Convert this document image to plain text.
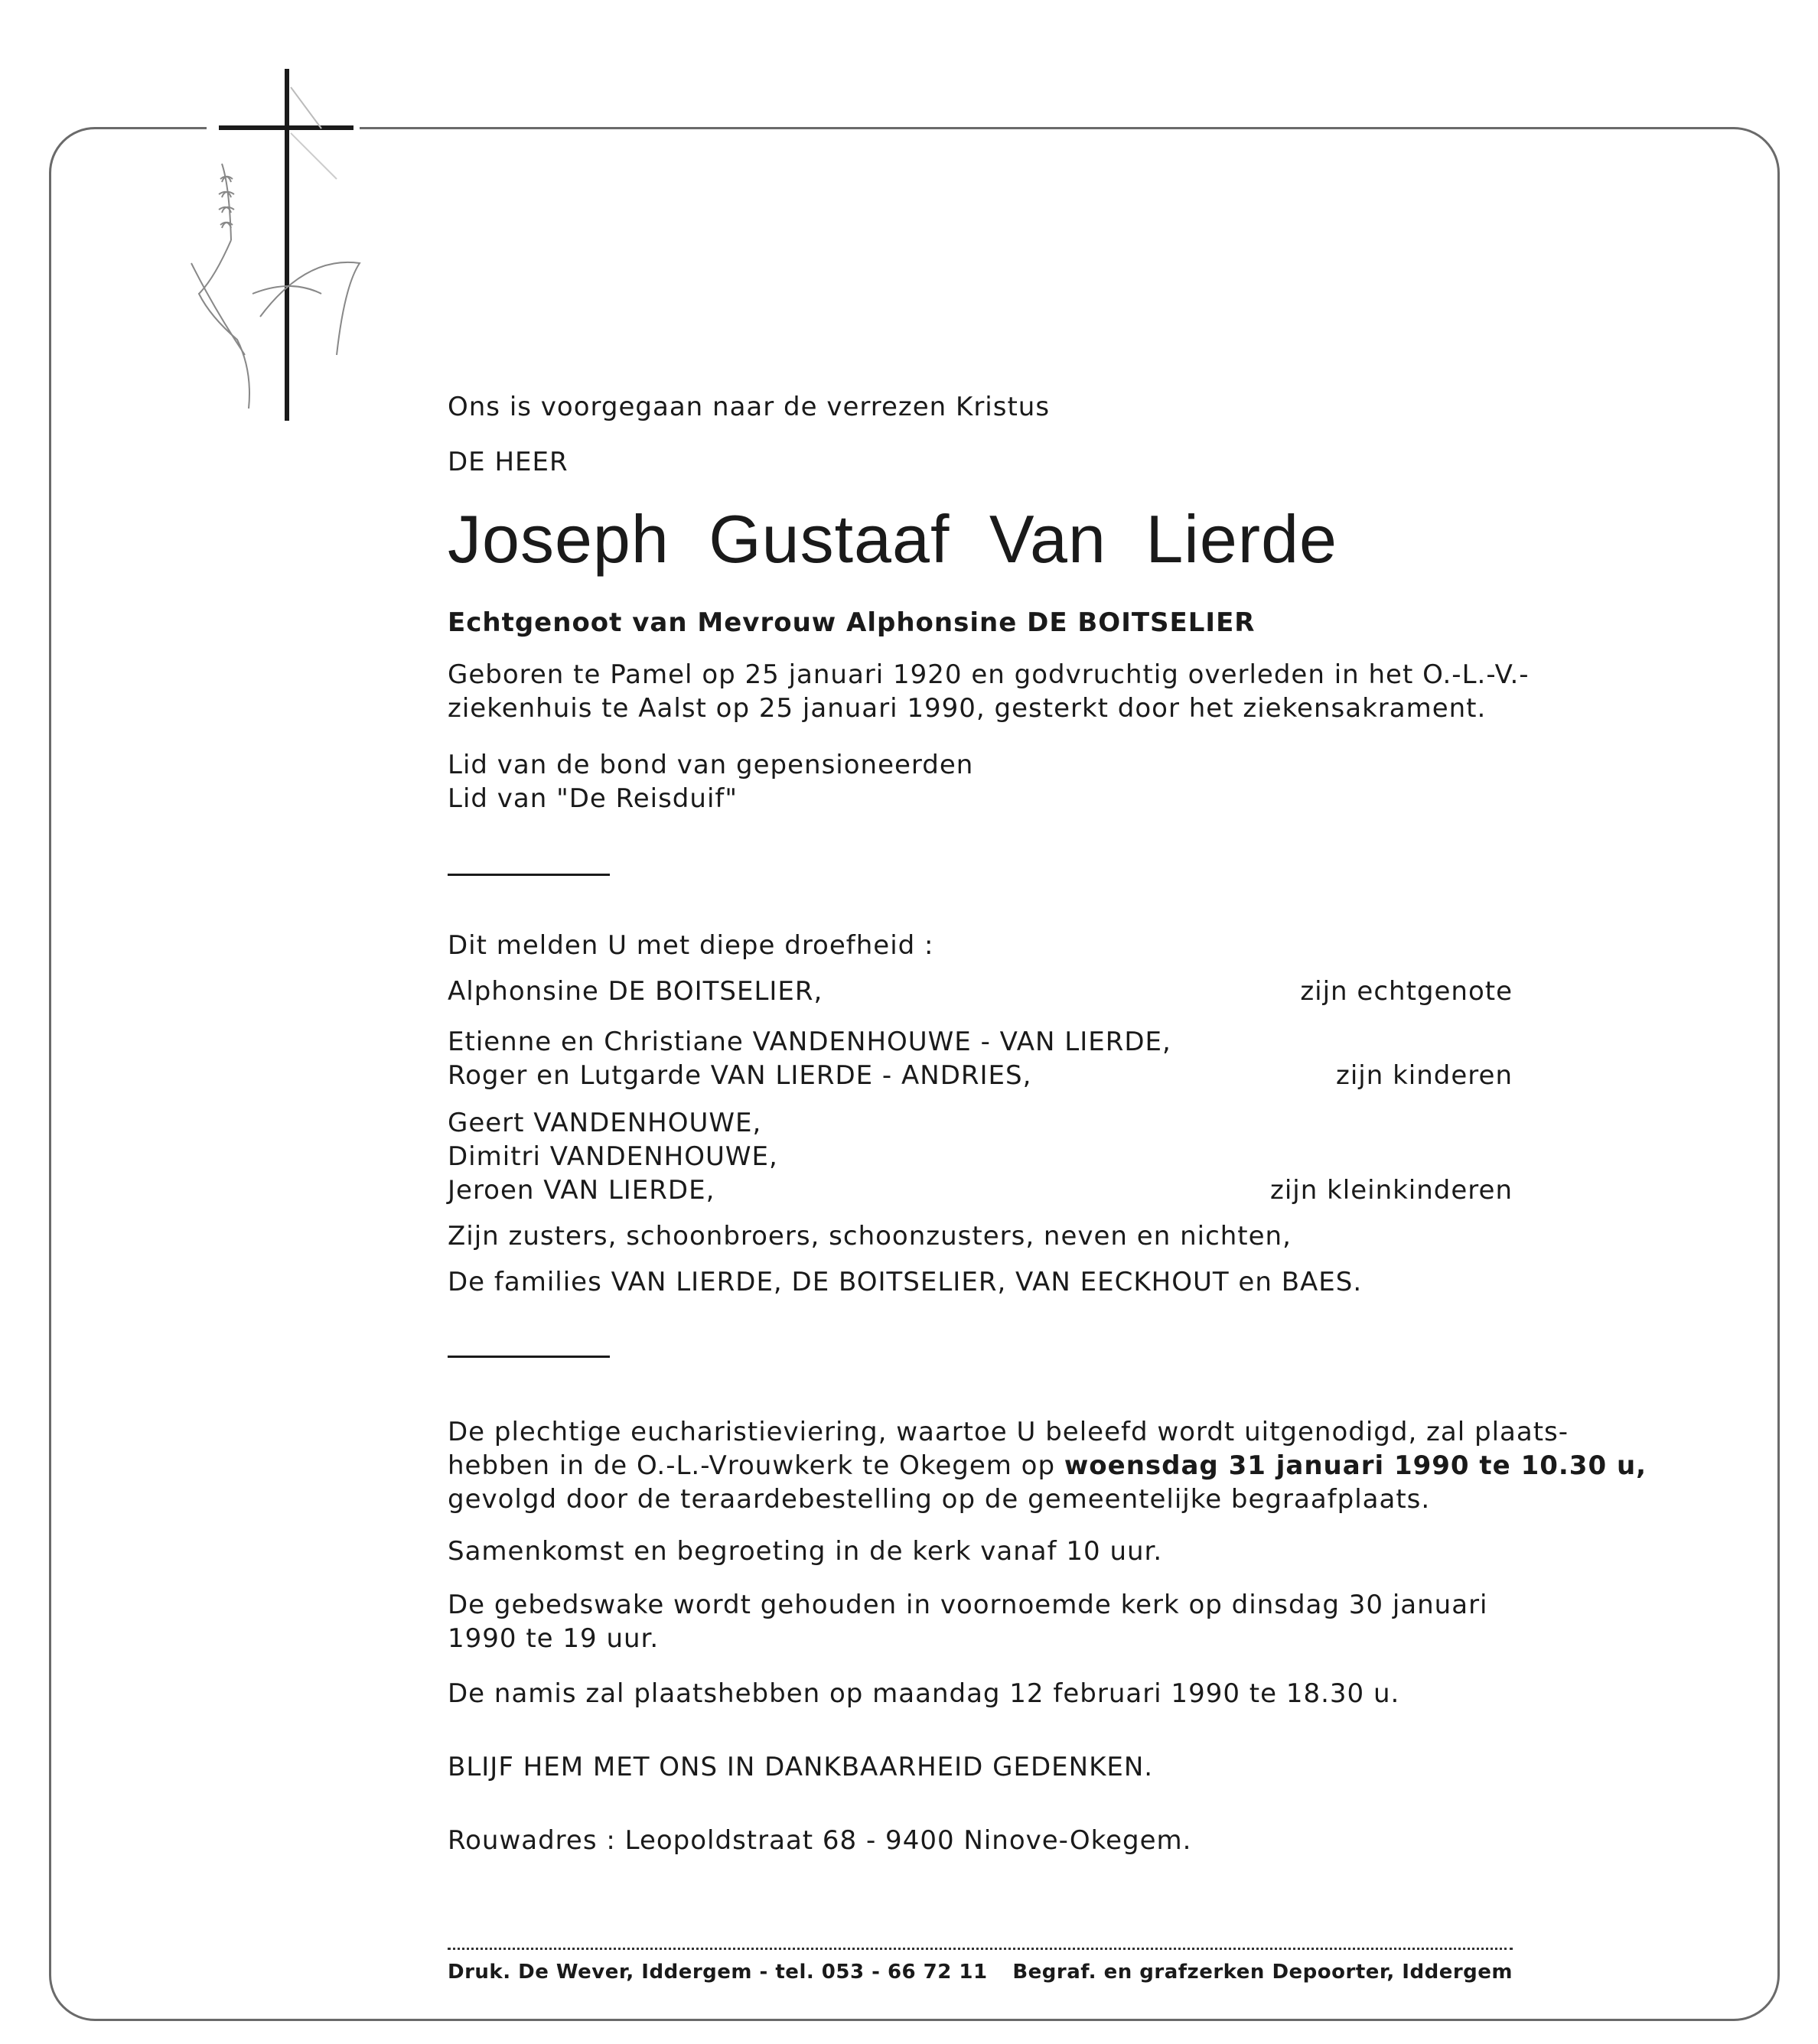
Ons is voorgegaan naar de verrezen Kristus
DE HEER
Joseph Gustaaf Van Lierde
Echtgenoot van Mevrouw Alphonsine DE BOITSELIER
Geboren te Pamel op 25 januari 1920 en godvruchtig overleden in het O.-L.-V.-
ziekenhuis te Aalst op 25 januari 1990, gesterkt door het ziekensakrament.
Lid van de bond van gepensioneerden
Lid van "De Reisduif"
Dit melden U met diepe droefheid :
Alphonsine DE BOITSELIER,	zijn echtgenote
Etienne en Christiane VANDENHOUWE - VAN LIERDE,
Roger en Lutgarde VAN LIERDE - ANDRIES,	zijn kinderen
Geert VANDENHOUWE,
Dimitri VANDENHOUWE,
Jeroen VAN LIERDE,	zijn kleinkinderen
Zijn zusters, schoonbroers, schoonzusters, neven en nichten,
De families VAN LIERDE, DE BOITSELIER, VAN EECKHOUT en BAES.
De plechtige eucharistieviering, waartoe U beleefd wordt uitgenodigd, zal plaats-
hebben in de O.-L.-Vrouwkerk te Okegem op woensdag 31 januari 1990 te 10.30 u,
gevolgd door de teraardebestelling op de gemeentelijke begraafplaats.
Samenkomst en begroeting in de kerk vanaf 10 uur.
De gebedswake wordt gehouden in voornoemde kerk op dinsdag 30 januari
1990 te 19 uur.
De namis zal plaatshebben op maandag 12 februari 1990 te 18.30 u.
BLIJF HEM MET ONS IN DANKBAARHEID GEDENKEN.
Rouwadres : Leopoldstraat 68 - 9400 Ninove-Okegem.
Druk. De Wever, Iddergem - tel. 053 - 66 72 11 Begraf. en grafzerken Depoorter, Iddergem
